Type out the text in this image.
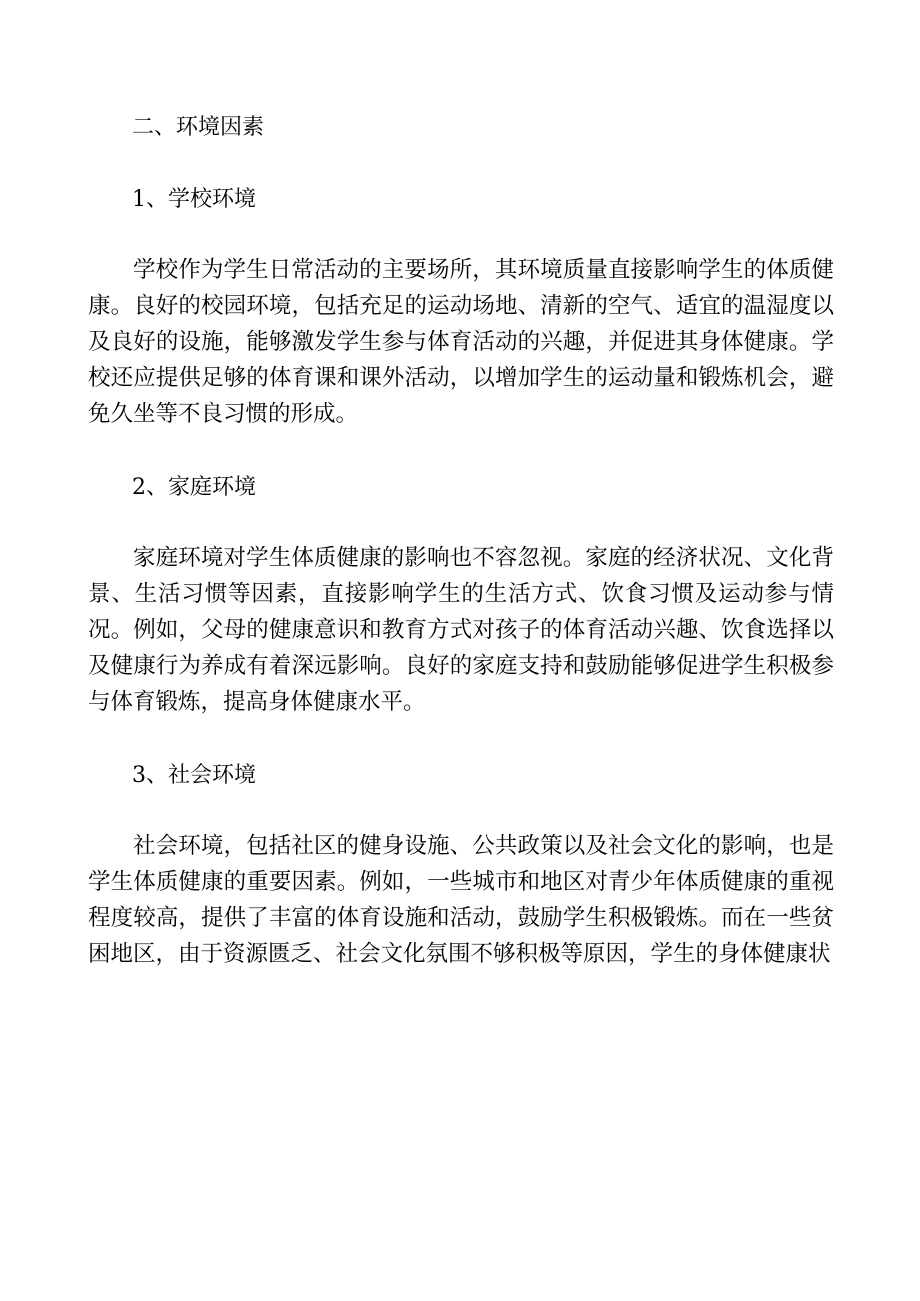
二、环境因素
1、学校环境

学校作为学生日常活动的主要场所，其环境质量直接影响学生的体质健康。良好的校园环境，包括充足的运动场地、清新的空气、适宜的温湿度以及良好的设施，能够激发学生参与体育活动的兴趣，并促进其身体健康。学校还应提供足够的体育课和课外活动，以增加学生的运动量和锻炼机会，避免久坐等不良习惯的形成。

2、家庭环境

家庭环境对学生体质健康的影响也不容忽视。家庭的经济状况、文化背景、生活习惯等因素，直接影响学生的生活方式、饮食习惯及运动参与情况。例如，父母的健康意识和教育方式对孩子的体育活动兴趣、饮食选择以及健康行为养成有着深远影响。良好的家庭支持和鼓励能够促进学生积极参与体育锻炼，提高身体健康水平。

3、社会环境

社会环境，包括社区的健身设施、公共政策以及社会文化的影响，也是学生体质健康的重要因素。例如，一些城市和地区对青少年体质健康的重视程度较高，提供了丰富的体育设施和活动，鼓励学生积极锻炼。而在一些贫困地区，由于资源匮乏、社会文化氛围不够积极等原因，学生的身体健康状
